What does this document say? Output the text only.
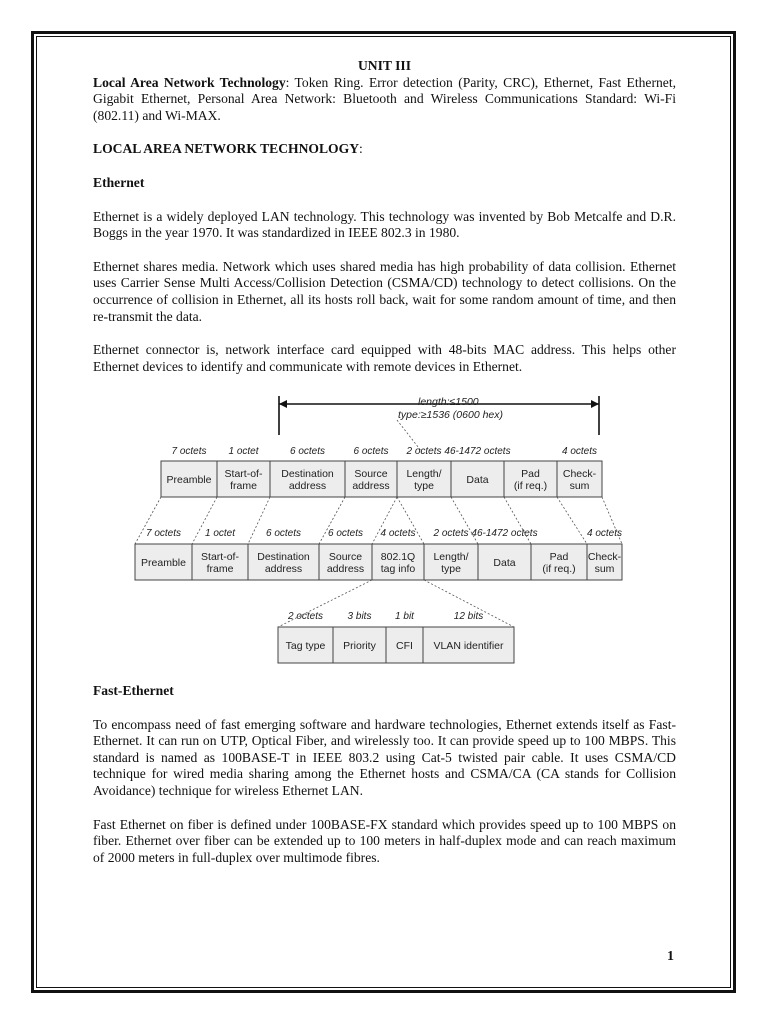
UNIT III

Local Area Network Technology: Token Ring. Error detection (Parity, CRC), Ethernet, Fast Ethernet, Gigabit Ethernet, Personal Area Network: Bluetooth and Wireless Communications Standard: Wi-Fi (802.11) and Wi-MAX.

LOCAL AREA NETWORK TECHNOLOGY:

Ethernet

Ethernet is a widely deployed LAN technology. This technology was invented by Bob Metcalfe and D.R. Boggs in the year 1970. It was standardized in IEEE 802.3 in 1980.

Ethernet shares media. Network which uses shared media has high probability of data collision. Ethernet uses Carrier Sense Multi Access/Collision Detection (CSMA/CD) technology to detect collisions. On the occurrence of collision in Ethernet, all its hosts roll back, wait for some random amount of time, and then re-transmit the data.

Ethernet connector is, network interface card equipped with 48-bits MAC address. This helps other Ethernet devices to identify and communicate with remote devices in Ethernet.

length:≤1500
type:≥1536 (0600 hex)
Preamble
7 octets
Start-of-
frame
1 octet
Destination
address
6 octets
Source
address
6 octets
Length/
type
2 octets
Data
46-1472 octets
Pad
(if req.)
Check-
sum
4 octets
Preamble
7 octets
Start-of-
frame
1 octet
Destination
address
6 octets
Source
address
6 octets
802.1Q
tag info
4 octets
Length/
type
2 octets
Data
46-1472 octets
Pad
(if req.)
Check-
sum
4 octets
Tag type
2 octets
Priority
3 bits
CFI
1 bit
VLAN identifier
12 bits

Fast-Ethernet

To encompass need of fast emerging software and hardware technologies, Ethernet extends itself as Fast-Ethernet. It can run on UTP, Optical Fiber, and wirelessly too. It can provide speed up to 100 MBPS. This standard is named as 100BASE-T in IEEE 803.2 using Cat-5 twisted pair cable. It uses CSMA/CD technique for wired media sharing among the Ethernet hosts and CSMA/CA (CA stands for Collision Avoidance) technique for wireless Ethernet LAN.

Fast Ethernet on fiber is defined under 100BASE-FX standard which provides speed up to 100 MBPS on fiber. Ethernet over fiber can be extended up to 100 meters in half-duplex mode and can reach maximum of 2000 meters in full-duplex over multimode fibres.

1
